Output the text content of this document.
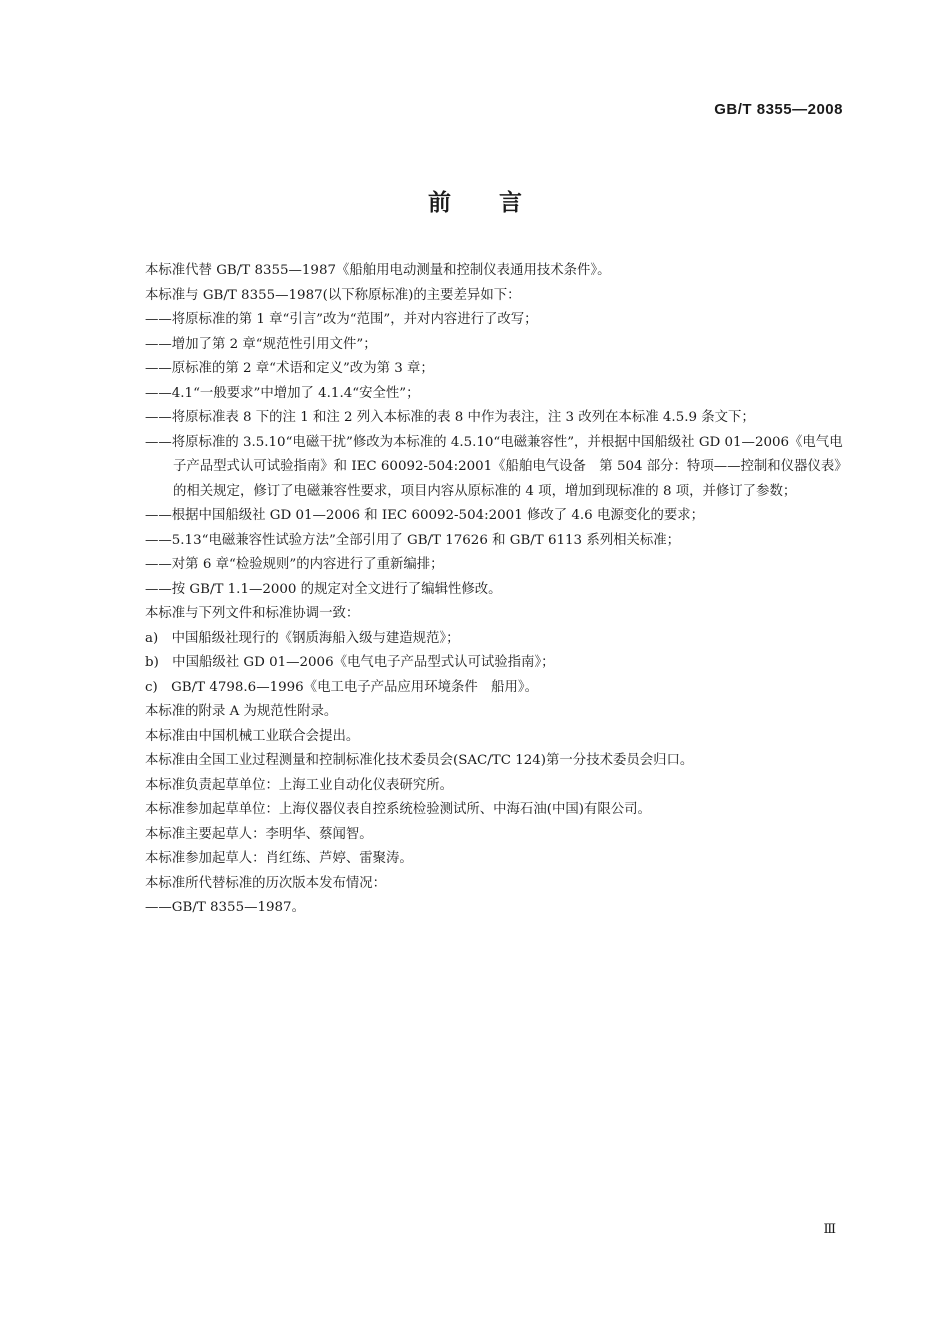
GB/T 8355—2008
前言

本标准代替 GB/T 8355—1987《船舶用电动测量和控制仪表通用技术条件》。

本标准与 GB/T 8355—1987(以下称原标准)的主要差异如下：

——将原标准的第 1 章“引言”改为“范围”，并对内容进行了改写；

——增加了第 2 章“规范性引用文件”；

——原标准的第 2 章“术语和定义”改为第 3 章；

——4.1“一般要求”中增加了 4.1.4“安全性”；

——将原标准表 8 下的注 1 和注 2 列入本标准的表 8 中作为表注，注 3 改列在本标准 4.5.9 条文下；

——将原标准的 3.5.10“电磁干扰”修改为本标准的 4.5.10“电磁兼容性”，并根据中国船级社 GD 01—2006《电气电子产品型式认可试验指南》和 IEC 60092-504:2001《船舶电气设备　第 504 部分：特项——控制和仪器仪表》的相关规定，修订了电磁兼容性要求，项目内容从原标准的 4 项，增加到现标准的 8 项，并修订了参数；

——根据中国船级社 GD 01—2006 和 IEC 60092-504:2001 修改了 4.6 电源变化的要求；

——5.13“电磁兼容性试验方法”全部引用了 GB/T 17626 和 GB/T 6113 系列相关标准；

——对第 6 章“检验规则”的内容进行了重新编排；

——按 GB/T 1.1—2000 的规定对全文进行了编辑性修改。

本标准与下列文件和标准协调一致：

a)　中国船级社现行的《钢质海船入级与建造规范》；

b)　中国船级社 GD 01—2006《电气电子产品型式认可试验指南》；

c)　GB/T 4798.6—1996《电工电子产品应用环境条件　船用》。

本标准的附录 A 为规范性附录。

本标准由中国机械工业联合会提出。

本标准由全国工业过程测量和控制标准化技术委员会(SAC/TC 124)第一分技术委员会归口。

本标准负责起草单位：上海工业自动化仪表研究所。

本标准参加起草单位：上海仪器仪表自控系统检验测试所、中海石油(中国)有限公司。

本标准主要起草人：李明华、蔡闻智。

本标准参加起草人：肖红练、芦婷、雷聚涛。

本标准所代替标准的历次版本发布情况：

——GB/T 8355—1987。

Ⅲ
